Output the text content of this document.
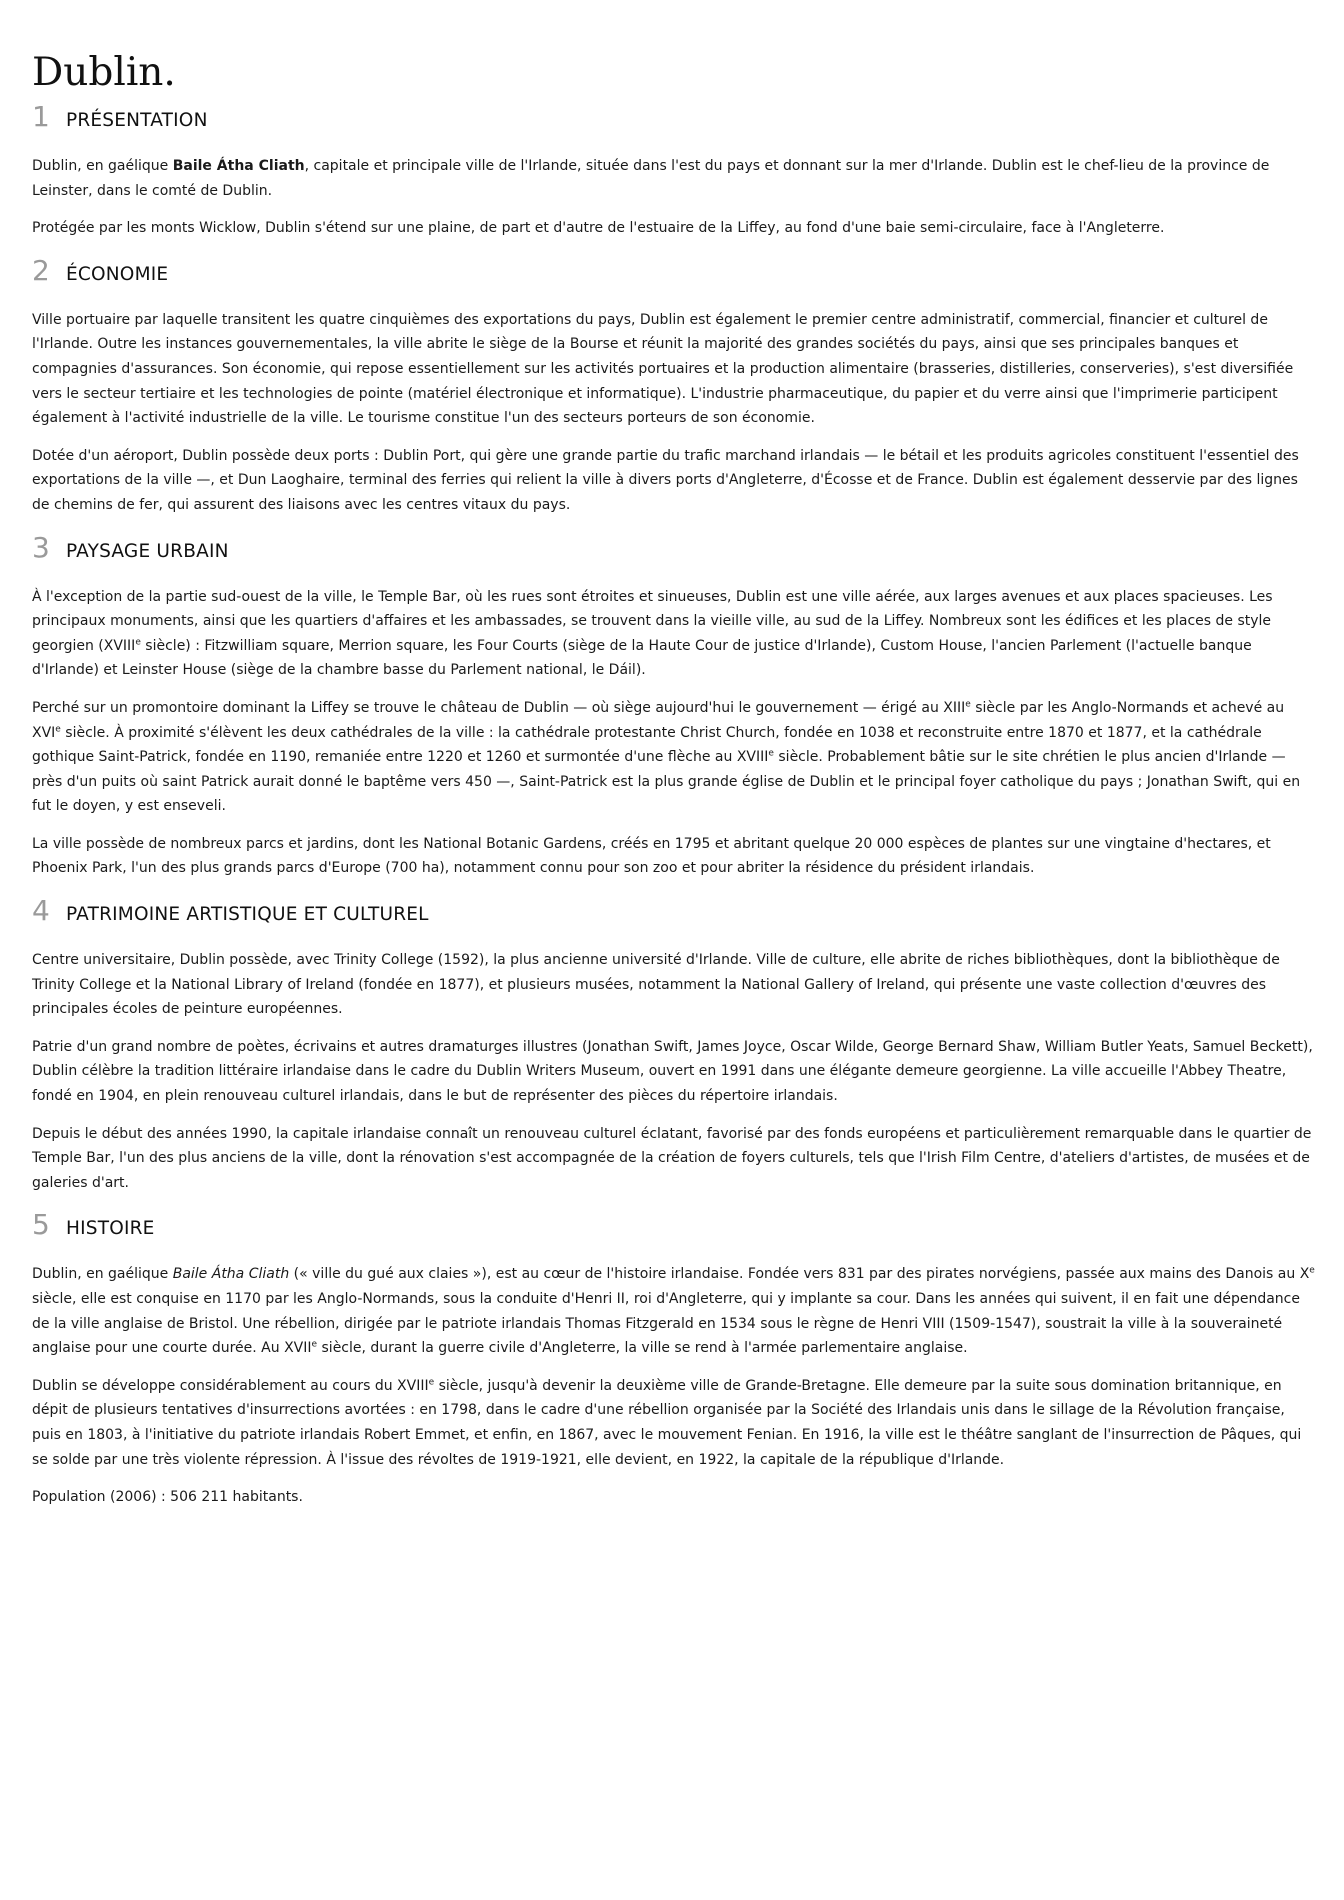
Dublin.
1 PRÉSENTATION

Dublin, en gaélique Baile Átha Cliath, capitale et principale ville de l'Irlande, située dans l'est du pays et donnant sur la mer d'Irlande. Dublin est le chef-lieu de la province de Leinster, dans le comté de Dublin.

Protégée par les monts Wicklow, Dublin s'étend sur une plaine, de part et d'autre de l'estuaire de la Liffey, au fond d'une baie semi-circulaire, face à l'Angleterre.

2 ÉCONOMIE

Ville portuaire par laquelle transitent les quatre cinquièmes des exportations du pays, Dublin est également le premier centre administratif, commercial, financier et culturel de l'Irlande. Outre les instances gouvernementales, la ville abrite le siège de la Bourse et réunit la majorité des grandes sociétés du pays, ainsi que ses principales banques et compagnies d'assurances. Son économie, qui repose essentiellement sur les activités portuaires et la production alimentaire (brasseries, distilleries, conserveries), s'est diversifiée vers le secteur tertiaire et les technologies de pointe (matériel électronique et informatique). L'industrie pharmaceutique, du papier et du verre ainsi que l'imprimerie participent également à l'activité industrielle de la ville. Le tourisme constitue l'un des secteurs porteurs de son économie.

Dotée d'un aéroport, Dublin possède deux ports : Dublin Port, qui gère une grande partie du trafic marchand irlandais — le bétail et les produits agricoles constituent l'essentiel des exportations de la ville —, et Dun Laoghaire, terminal des ferries qui relient la ville à divers ports d'Angleterre, d'Écosse et de France. Dublin est également desservie par des lignes de chemins de fer, qui assurent des liaisons avec les centres vitaux du pays.

3 PAYSAGE URBAIN

À l'exception de la partie sud-ouest de la ville, le Temple Bar, où les rues sont étroites et sinueuses, Dublin est une ville aérée, aux larges avenues et aux places spacieuses. Les principaux monuments, ainsi que les quartiers d'affaires et les ambassades, se trouvent dans la vieille ville, au sud de la Liffey. Nombreux sont les édifices et les places de style georgien (XVIIIe siècle) : Fitzwilliam square, Merrion square, les Four Courts (siège de la Haute Cour de justice d'Irlande), Custom House, l'ancien Parlement (l'actuelle banque d'Irlande) et Leinster House (siège de la chambre basse du Parlement national, le Dáil).

Perché sur un promontoire dominant la Liffey se trouve le château de Dublin — où siège aujourd'hui le gouvernement — érigé au XIIIe siècle par les Anglo-Normands et achevé au XVIe siècle. À proximité s'élèvent les deux cathédrales de la ville : la cathédrale protestante Christ Church, fondée en 1038 et reconstruite entre 1870 et 1877, et la cathédrale gothique Saint-Patrick, fondée en 1190, remaniée entre 1220 et 1260 et surmontée d'une flèche au XVIIIe siècle. Probablement bâtie sur le site chrétien le plus ancien d'Irlande — près d'un puits où saint Patrick aurait donné le baptême vers 450 —, Saint-Patrick est la plus grande église de Dublin et le principal foyer catholique du pays ; Jonathan Swift, qui en fut le doyen, y est enseveli.

La ville possède de nombreux parcs et jardins, dont les National Botanic Gardens, créés en 1795 et abritant quelque 20 000 espèces de plantes sur une vingtaine d'hectares, et Phoenix Park, l'un des plus grands parcs d'Europe (700 ha), notamment connu pour son zoo et pour abriter la résidence du président irlandais.

4 PATRIMOINE ARTISTIQUE ET CULTUREL

Centre universitaire, Dublin possède, avec Trinity College (1592), la plus ancienne université d'Irlande. Ville de culture, elle abrite de riches bibliothèques, dont la bibliothèque de Trinity College et la National Library of Ireland (fondée en 1877), et plusieurs musées, notamment la National Gallery of Ireland, qui présente une vaste collection d'œuvres des principales écoles de peinture européennes.

Patrie d'un grand nombre de poètes, écrivains et autres dramaturges illustres (Jonathan Swift, James Joyce, Oscar Wilde, George Bernard Shaw, William Butler Yeats, Samuel Beckett), Dublin célèbre la tradition littéraire irlandaise dans le cadre du Dublin Writers Museum, ouvert en 1991 dans une élégante demeure georgienne. La ville accueille l'Abbey Theatre, fondé en 1904, en plein renouveau culturel irlandais, dans le but de représenter des pièces du répertoire irlandais.

Depuis le début des années 1990, la capitale irlandaise connaît un renouveau culturel éclatant, favorisé par des fonds européens et particulièrement remarquable dans le quartier de Temple Bar, l'un des plus anciens de la ville, dont la rénovation s'est accompagnée de la création de foyers culturels, tels que l'Irish Film Centre, d'ateliers d'artistes, de musées et de galeries d'art.

5 HISTOIRE

Dublin, en gaélique Baile Átha Cliath (« ville du gué aux claies »), est au cœur de l'histoire irlandaise. Fondée vers 831 par des pirates norvégiens, passée aux mains des Danois au Xe siècle, elle est conquise en 1170 par les Anglo-Normands, sous la conduite d'Henri II, roi d'Angleterre, qui y implante sa cour. Dans les années qui suivent, il en fait une dépendance de la ville anglaise de Bristol. Une rébellion, dirigée par le patriote irlandais Thomas Fitzgerald en 1534 sous le règne de Henri VIII (1509-1547), soustrait la ville à la souveraineté anglaise pour une courte durée. Au XVIIe siècle, durant la guerre civile d'Angleterre, la ville se rend à l'armée parlementaire anglaise.

Dublin se développe considérablement au cours du XVIIIe siècle, jusqu'à devenir la deuxième ville de Grande-Bretagne. Elle demeure par la suite sous domination britannique, en dépit de plusieurs tentatives d'insurrections avortées : en 1798, dans le cadre d'une rébellion organisée par la Société des Irlandais unis dans le sillage de la Révolution française, puis en 1803, à l'initiative du patriote irlandais Robert Emmet, et enfin, en 1867, avec le mouvement Fenian. En 1916, la ville est le théâtre sanglant de l'insurrection de Pâques, qui se solde par une très violente répression. À l'issue des révoltes de 1919-1921, elle devient, en 1922, la capitale de la république d'Irlande.

Population (2006) : 506 211 habitants.
